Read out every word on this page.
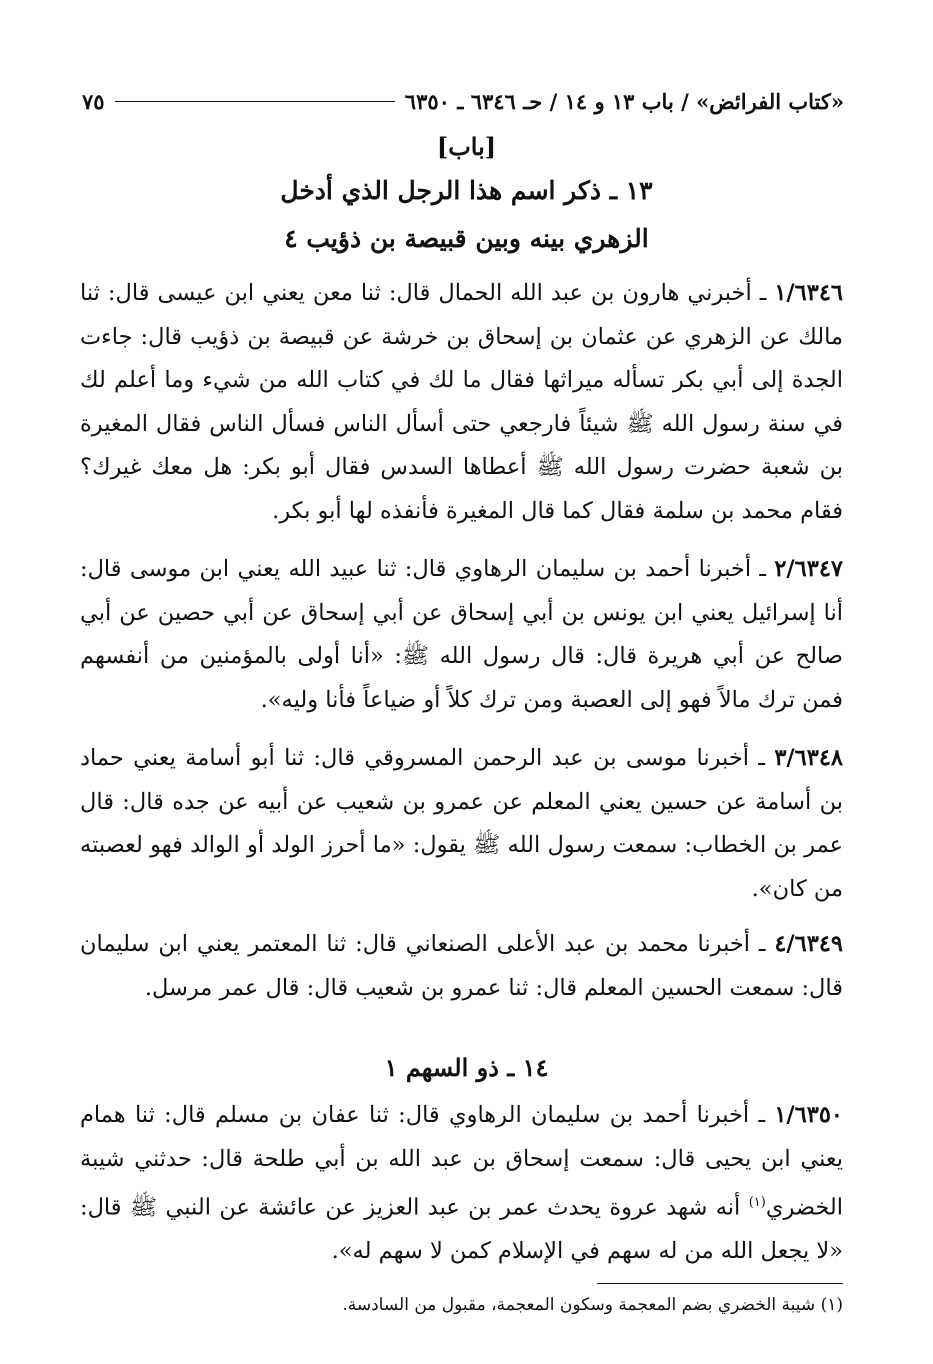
«كتاب الفرائض» / باب ١٣ و ١٤ / حـ ٦٣٤٦ ـ ٦٣٥٠
٧٥
[باب]
١٣ ـ ذكر اسم هذا الرجل الذي أدخل
الزهري بينه وبين قبيصة بن ذؤيب ٤

١/٦٣٤٦ ـ أخبرني هارون بن عبد الله الحمال قال: ثنا معن يعني ابن عيسى قال: ثنا مالك عن الزهري عن عثمان بن إسحاق بن خرشة عن قبيصة بن ذؤيب قال: جاءت الجدة إلى أبي بكر تسأله ميراثها فقال ما لك في كتاب الله من شيء وما أعلم لك في سنة رسول الله ﷺ شيئاً فارجعي حتى أسأل الناس فسأل الناس فقال المغيرة بن شعبة حضرت رسول الله ﷺ أعطاها السدس فقال أبو بكر: هل معك غيرك؟ فقام محمد بن سلمة فقال كما قال المغيرة فأنفذه لها أبو بكر.

٢/٦٣٤٧ ـ أخبرنا أحمد بن سليمان الرهاوي قال: ثنا عبيد الله يعني ابن موسى قال: أنا إسرائيل يعني ابن يونس بن أبي إسحاق عن أبي إسحاق عن أبي حصين عن أبي صالح عن أبي هريرة قال: قال رسول الله ﷺ: «أنا أولى بالمؤمنين من أنفسهم فمن ترك مالاً فهو إلى العصبة ومن ترك كلاً أو ضياعاً فأنا وليه».

٣/٦٣٤٨ ـ أخبرنا موسى بن عبد الرحمن المسروقي قال: ثنا أبو أسامة يعني حماد بن أسامة عن حسين يعني المعلم عن عمرو بن شعيب عن أبيه عن جده قال: قال عمر بن الخطاب: سمعت رسول الله ﷺ يقول: «ما أحرز الولد أو الوالد فهو لعصبته من كان».

٤/٦٣٤٩ ـ أخبرنا محمد بن عبد الأعلى الصنعاني قال: ثنا المعتمر يعني ابن سليمان قال: سمعت الحسين المعلم قال: ثنا عمرو بن شعيب قال: قال عمر مرسل.

١٤ ـ ذو السهم ١

١/٦٣٥٠ ـ أخبرنا أحمد بن سليمان الرهاوي قال: ثنا عفان بن مسلم قال: ثنا همام يعني ابن يحيى قال: سمعت إسحاق بن عبد الله بن أبي طلحة قال: حدثني شيبة الخضري$^{(١)}$ أنه شهد عروة يحدث عمر بن عبد العزيز عن عائشة عن النبي ﷺ قال: «لا يجعل الله من له سهم في الإسلام كمن لا سهم له».

(١) شيبة الخضري بضم المعجمة وسكون المعجمة، مقبول من السادسة.
